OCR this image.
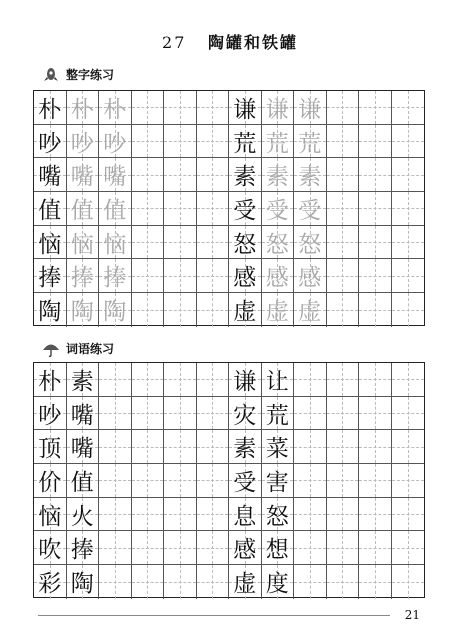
27 陶罐和铁罐
整字练习
朴 朴 朴	谦 谦 谦
吵 吵 吵	荒 荒 荒
嘴 嘴 嘴	素 素 素
值 值 值	受 受 受
恼 恼 恼	怒 怒 怒
捧 捧 捧	感 感 感
陶 陶 陶	虚 虚 虚
词语练习
朴 素	谦 让
吵 嘴	灾 荒
顶 嘴	素 菜
价 值	受 害
恼 火	息 怒
吹 捧	感 想
彩 陶	虚 度
21
